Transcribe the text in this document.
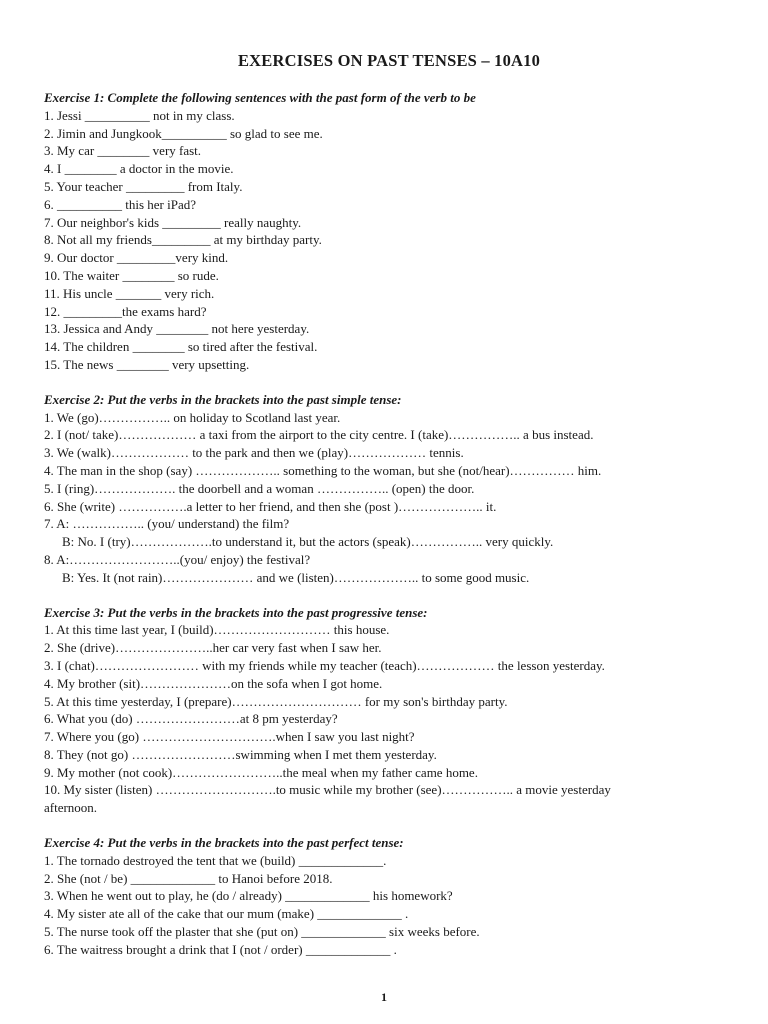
EXERCISES ON PAST TENSES – 10A10
Exercise 1: Complete the following sentences with the past form of the verb to be
1. Jessi __________ not in my class.
2. Jimin and Jungkook__________ so glad to see me.
3. My car ________ very fast.
4. I ________ a doctor in the movie.
5. Your teacher _________ from Italy.
6. __________ this her iPad?
7. Our neighbor's kids _________ really naughty.
8. Not all my friends_________ at my birthday party.
9. Our doctor _________very kind.
10. The waiter ________ so rude.
11. His uncle _______ very rich.
12. _________the exams hard?
13. Jessica and Andy ________ not here yesterday.
14. The children ________ so tired after the festival.
15. The news ________ very upsetting.
Exercise 2: Put the verbs in the brackets into the past simple tense:
1. We (go)…………….. on holiday to Scotland last year.
2. I (not/ take)……………… a taxi from the airport to the city centre. I (take)…………….. a bus instead.
3. We (walk)……………… to the park and then we (play)……………… tennis.
4. The man in the shop (say) ……………….. something to the woman, but she (not/hear)…………… him.
5. I (ring)………………. the doorbell and a woman …………….. (open) the door.
6. She (write) …………….a letter to her friend, and then she (post )……………….. it.
7. A: …………….. (you/ understand) the film?
B: No. I (try)……………….to understand it, but the actors (speak)…………….. very quickly.
8. A:……………………..(you/ enjoy) the festival?
B: Yes. It (not rain)………………… and we (listen)……………….. to some good music.
Exercise 3: Put the verbs in the brackets into the past progressive tense:
1. At this time last year, I (build)……………………… this house.
2. She (drive)…………………..her car very fast when I saw her.
3. I (chat)…………………… with my friends while my teacher (teach)……………… the lesson yesterday.
4. My brother (sit)…………………on the sofa when I got home.
5. At this time yesterday, I (prepare)………………………… for my son's birthday party.
6. What you (do) ……………………at 8 pm yesterday?
7. Where you (go) ………………………….when I saw you last night?
8. They (not go) ……………………swimming when I met them yesterday.
9. My mother (not cook)……………………..the meal when my father came home.
10. My sister (listen) ……………………….to music while my brother (see)…………….. a movie yesterday
afternoon.
Exercise 4: Put the verbs in the brackets into the past perfect tense:
1. The tornado destroyed the tent that we (build) _____________.
2. She (not / be) _____________ to Hanoi before 2018.
3. When he went out to play, he (do / already) _____________ his homework?
4. My sister ate all of the cake that our mum (make) _____________ .
5. The nurse took off the plaster that she (put on) _____________ six weeks before.
6. The waitress brought a drink that I (not / order) _____________ .
1
